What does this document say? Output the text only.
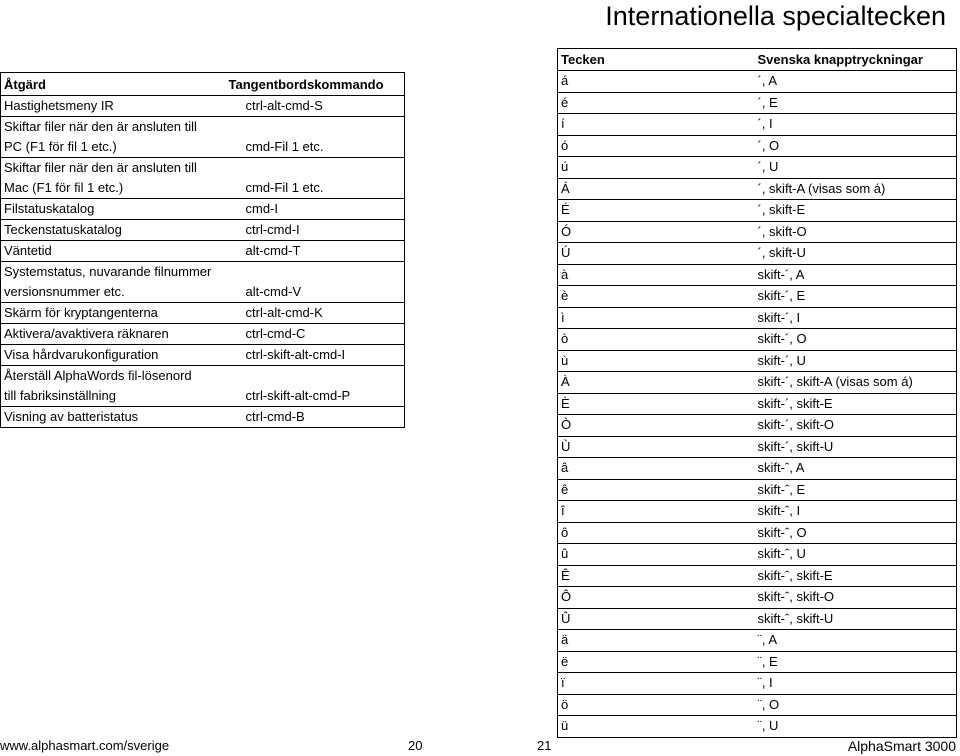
Internationella specialtecken
Åtgärd	Tangentbordskommando
Hastighetsmeny IR	ctrl-alt-cmd-S
Skiftar filer när den är ansluten till
PC (F1 för fil 1 etc.)	cmd-Fil 1 etc.
Skiftar filer när den är ansluten till
Mac (F1 för fil 1 etc.)	cmd-Fil 1 etc.
Filstatuskatalog	cmd-I
Teckenstatuskatalog	ctrl-cmd-I
Väntetid	alt-cmd-T
Systemstatus, nuvarande filnummer
versionsnummer etc.	alt-cmd-V
Skärm för kryptangenterna	ctrl-alt-cmd-K
Aktivera/avaktivera räknaren	ctrl-cmd-C
Visa hårdvarukonfiguration	ctrl-skift-alt-cmd-I
Återställ AlphaWords fil-lösenord
till fabriksinställning	ctrl-skift-alt-cmd-P
Visning av batteristatus	ctrl-cmd-B
Tecken	Svenska knapptryckningar
á	´, A
é	´, E
í	´, I
ó	´, O
ú	´, U
Á	´, skift-A (visas som á)
É	´, skift-E
Ó	´, skift-O
Ú	´, skift-U
à	skift-´, A
è	skift-´, E
ì	skift-´, I
ò	skift-´, O
ù	skift-´, U
À	skift-´, skift-A (visas som á)
È	skift-´, skift-E
Ò	skift-´, skift-O
Ù	skift-´, skift-U
â	skift-ˆ, A
ê	skift-ˆ, E
î	skift-ˆ, I
ô	skift-ˆ, O
û	skift-ˆ, U
Ê	skift-ˆ, skift-E
Ô	skift-ˆ, skift-O
Û	skift-ˆ, skift-U
ä	¨, A
ë	¨, E
ï	¨, I
ö	¨, O
ü	¨, U
www.alphasmart.com/sverige	20	21	AlphaSmart 3000
